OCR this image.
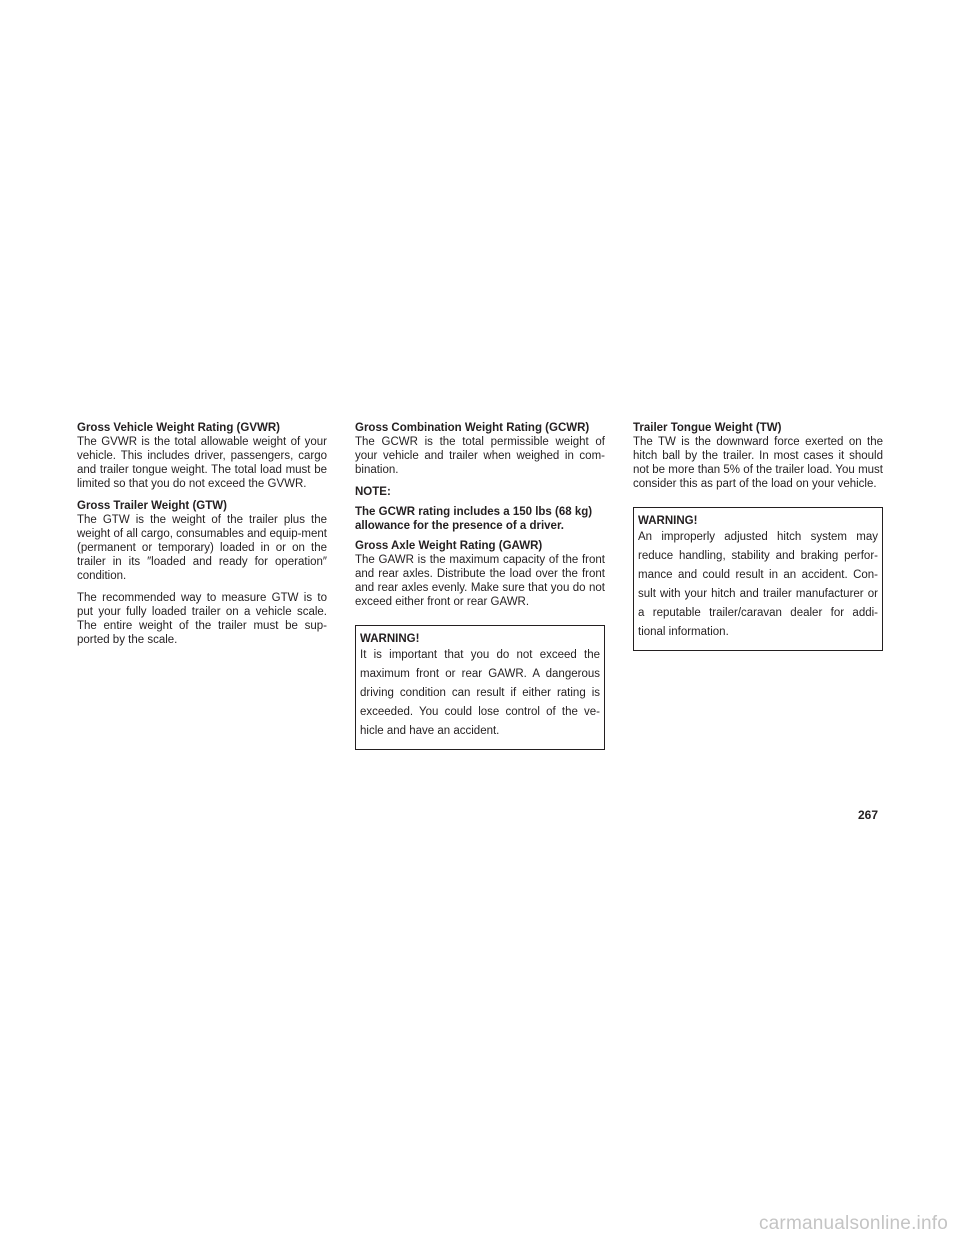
Gross Vehicle Weight Rating (GVWR)

The GVWR is the total allowable weight of your vehicle. This includes driver, passengers, cargo and trailer tongue weight. The total load must be limited so that you do not exceed the GVWR.

Gross Trailer Weight (GTW)

The GTW is the weight of the trailer plus the weight of all cargo, consumables and equip-ment (permanent or temporary) loaded in or on the trailer in its ″loaded and ready for operation″ condition.

The recommended way to measure GTW is to put your fully loaded trailer on a vehicle scale. The entire weight of the trailer must be sup-ported by the scale.

Gross Combination Weight Rating (GCWR)

The GCWR is the total permissible weight of your vehicle and trailer when weighed in com-bination.

NOTE:
The GCWR rating includes a 150 lbs (68 kg) allowance for the presence of a driver.
Gross Axle Weight Rating (GAWR)

The GAWR is the maximum capacity of the front and rear axles. Distribute the load over the front and rear axles evenly. Make sure that you do not exceed either front or rear GAWR.

WARNING!

It is important that you do not exceed the maximum front or rear GAWR. A dangerous driving condition can result if either rating is exceeded. You could lose control of the ve-hicle and have an accident.

Trailer Tongue Weight (TW)

The TW is the downward force exerted on the hitch ball by the trailer. In most cases it should not be more than 5% of the trailer load. You must consider this as part of the load on your vehicle.

WARNING!

An improperly adjusted hitch system may reduce handling, stability and braking perfor-mance and could result in an accident. Con-sult with your hitch and trailer manufacturer or a reputable trailer/caravan dealer for addi-tional information.

267
carmanualsonline.info
